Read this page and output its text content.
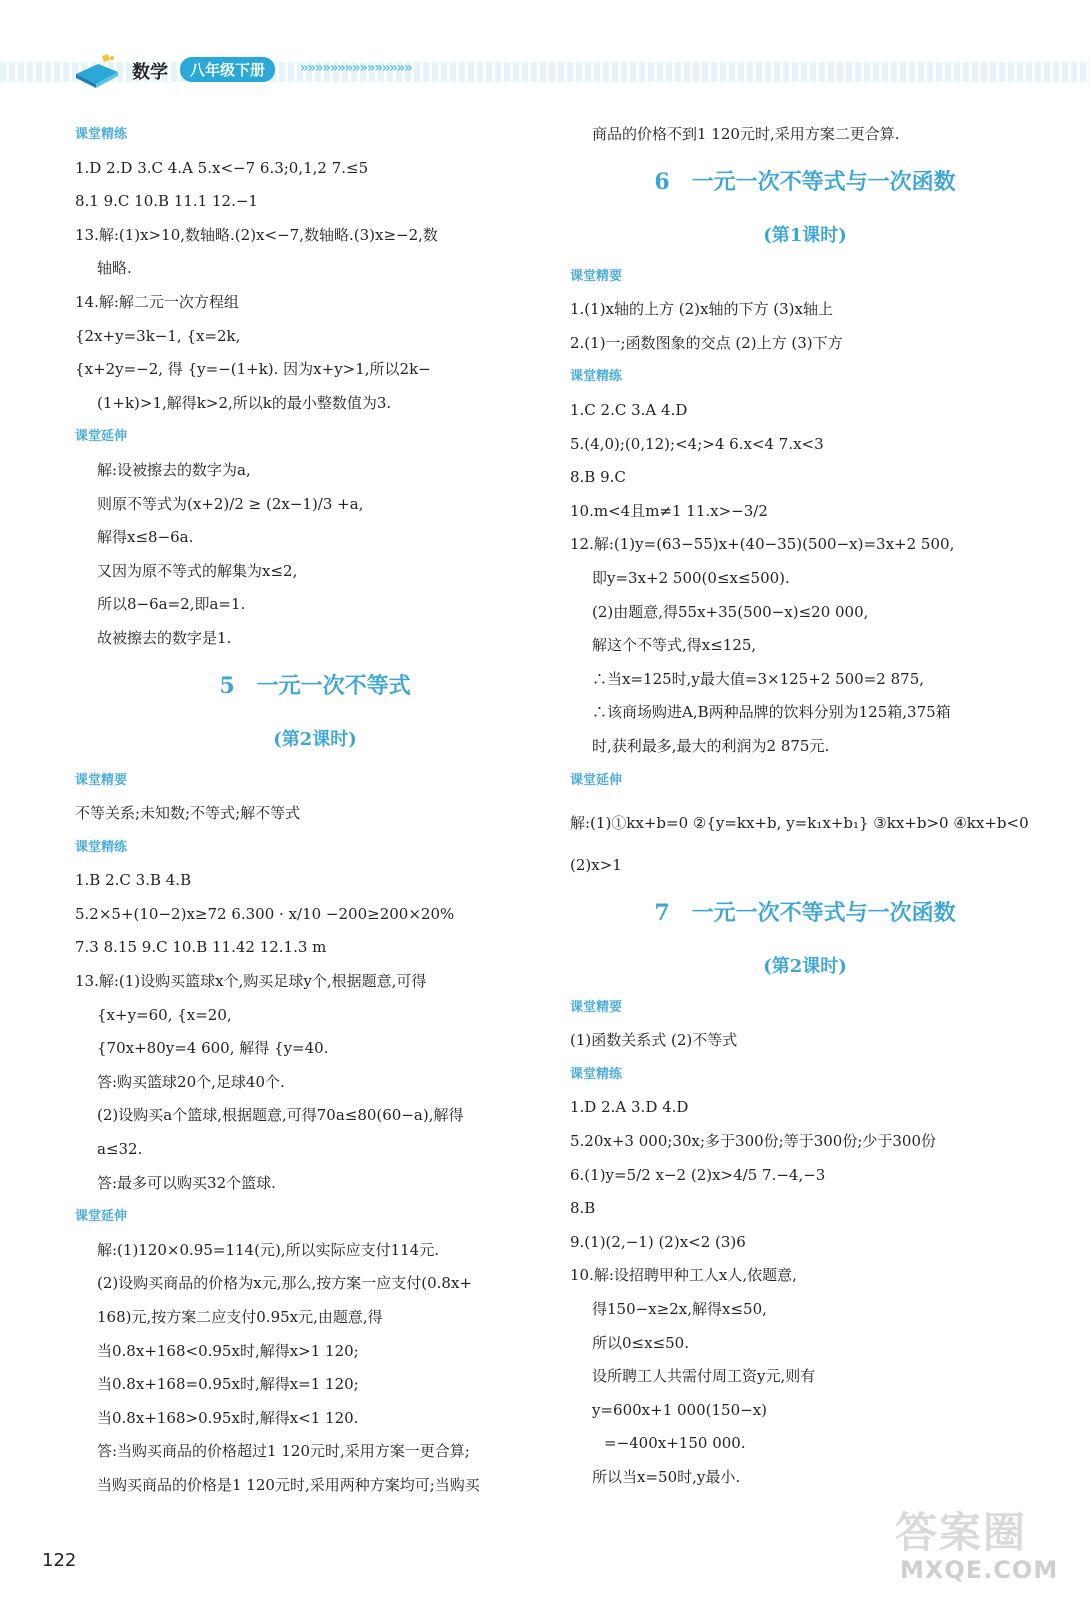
数学	八年级下册	»»»»»»»»»»»»»»»
课堂精练
1.D 2.D 3.C 4.A 5.x<−7 6.3;0,1,2 7.≤5
8.1 9.C 10.B 11.1 12.−1
13.解:(1)x>10,数轴略.(2)x<−7,数轴略.(3)x≥−2,数
轴略.
14.解:解二元一次方程组
{2x+y=3k−1, {x=2k,
{x+2y=−2, 得 {y=−(1+k). 因为x+y>1,所以2k−
(1+k)>1,解得k>2,所以k的最小整数值为3.
课堂延伸
解:设被擦去的数字为a,
则原不等式为(x+2)/2 ≥ (2x−1)/3 +a,
解得x≤8−6a.
又因为原不等式的解集为x≤2,
所以8−6a=2,即a=1.
故被擦去的数字是1.
5　一元一次不等式
(第2课时)
课堂精要
不等关系;未知数;不等式;解不等式
课堂精练
1.B 2.C 3.B 4.B
5.2×5+(10−2)x≥72 6.300 · x/10 −200≥200×20%
7.3 8.15 9.C 10.B 11.42 12.1.3 m
13.解:(1)设购买篮球x个,购买足球y个,根据题意,可得
{x+y=60, {x=20,
{70x+80y=4 600, 解得 {y=40.
答:购买篮球20个,足球40个.
(2)设购买a个篮球,根据题意,可得70a≤80(60−a),解得
a≤32.
答:最多可以购买32个篮球.
课堂延伸
解:(1)120×0.95=114(元),所以实际应支付114元.
(2)设购买商品的价格为x元,那么,按方案一应支付(0.8x+
168)元,按方案二应支付0.95x元,由题意,得
当0.8x+168<0.95x时,解得x>1 120;
当0.8x+168=0.95x时,解得x=1 120;
当0.8x+168>0.95x时,解得x<1 120.
答:当购买商品的价格超过1 120元时,采用方案一更合算;
当购买商品的价格是1 120元时,采用两种方案均可;当购买
商品的价格不到1 120元时,采用方案二更合算.
6　一元一次不等式与一次函数
(第1课时)
课堂精要
1.(1)x轴的上方 (2)x轴的下方 (3)x轴上
2.(1)一;函数图象的交点 (2)上方 (3)下方
课堂精练
1.C 2.C 3.A 4.D
5.(4,0);(0,12);<4;>4 6.x<4 7.x<3
8.B 9.C
10.m<4且m≠1 11.x>−3/2
12.解:(1)y=(63−55)x+(40−35)(500−x)=3x+2 500,
即y=3x+2 500(0≤x≤500).
(2)由题意,得55x+35(500−x)≤20 000,
解这个不等式,得x≤125,
∴当x=125时,y最大值=3×125+2 500=2 875,
∴该商场购进A,B两种品牌的饮料分别为125箱,375箱
时,获利最多,最大的利润为2 875元.
课堂延伸
解:(1)①kx+b=0 ②{y=kx+b, y=k₁x+b₁} ③kx+b>0 ④kx+b<0
(2)x>1
7　一元一次不等式与一次函数
(第2课时)
课堂精要
(1)函数关系式 (2)不等式
课堂精练
1.D 2.A 3.D 4.D
5.20x+3 000;30x;多于300份;等于300份;少于300份
6.(1)y=5/2 x−2 (2)x>4/5 7.−4,−3
8.B
9.(1)(2,−1) (2)x<2 (3)6
10.解:设招聘甲种工人x人,依题意,
得150−x≥2x,解得x≤50,
所以0≤x≤50.
设所聘工人共需付周工资y元,则有
y=600x+1 000(150−x)
=−400x+150 000.
所以当x=50时,y最小.
122
答案圈
MXQE.COM
